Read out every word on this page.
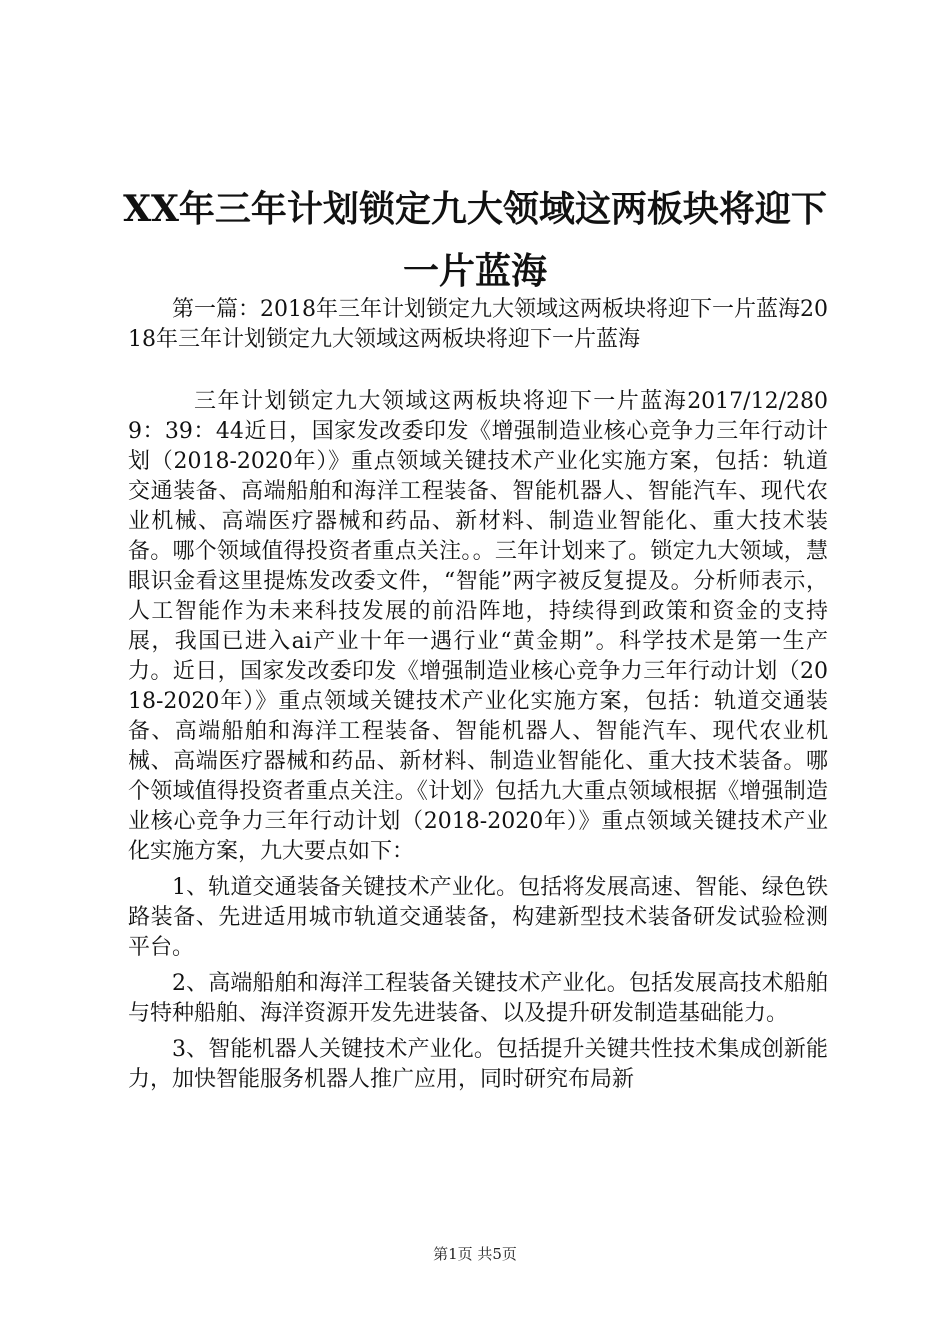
XX年三年计划锁定九大领域这两板块将迎下
一片蓝海

第一篇：2018年三年计划锁定九大领域这两板块将迎下一片蓝海2018年三年计划锁定九大领域这两板块将迎下一片蓝海

三年计划锁定九大领域这两板块将迎下一片蓝海2017/12/2809：39：44近日，国家发改委印发《增强制造业核心竞争力三年行动计划（2018-2020年）》重点领域关键技术产业化实施方案，包括：轨道交通装备、高端船舶和海洋工程装备、智能机器人、智能汽车、现代农业机械、高端医疗器械和药品、新材料、制造业智能化、重大技术装备。哪个领域值得投资者重点关注。。三年计划来了。锁定九大领域，慧眼识金看这里提炼发改委文件，“智能”两字被反复提及。分析师表示，人工智能作为未来科技发展的前沿阵地，持续得到政策和资金的支持展，我国已进入ai产业十年一遇行业“黄金期”。科学技术是第一生产力。近日，国家发改委印发《增强制造业核心竞争力三年行动计划（2018-2020年）》重点领域关键技术产业化实施方案，包括：轨道交通装备、高端船舶和海洋工程装备、智能机器人、智能汽车、现代农业机械、高端医疗器械和药品、新材料、制造业智能化、重大技术装备。哪个领域值得投资者重点关注。《计划》包括九大重点领域根据《增强制造业核心竞争力三年行动计划（2018-2020年）》重点领域关键技术产业化实施方案，九大要点如下：

1、轨道交通装备关键技术产业化。包括将发展高速、智能、绿色铁路装备、先进适用城市轨道交通装备，构建新型技术装备研发试验检测平台。

2、高端船舶和海洋工程装备关键技术产业化。包括发展高技术船舶与特种船舶、海洋资源开发先进装备、以及提升研发制造基础能力。

3、智能机器人关键技术产业化。包括提升关键共性技术集成创新能力，加快智能服务机器人推广应用，同时研究布局新

第1页 共5页
